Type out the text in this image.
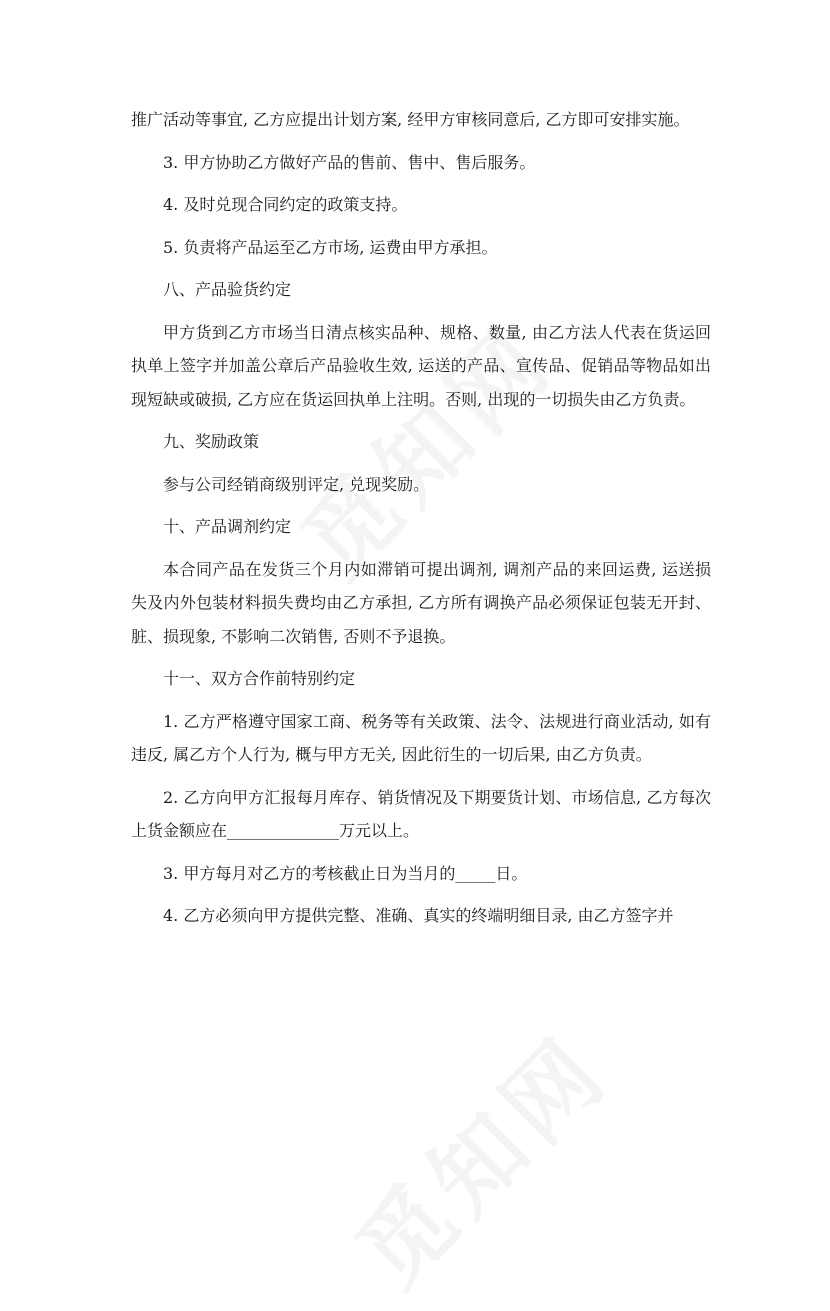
推广活动等事宜, 乙方应提出计划方案, 经甲方审核同意后, 乙方即可安排实施。

3. 甲方协助乙方做好产品的售前、售中、售后服务。

4. 及时兑现合同约定的政策支持。

5. 负责将产品运至乙方市场, 运费由甲方承担。

八、产品验货约定

甲方货到乙方市场当日清点核实品种、规格、数量, 由乙方法人代表在货运回执单上签字并加盖公章后产品验收生效, 运送的产品、宣传品、促销品等物品如出现短缺或破损, 乙方应在货运回执单上注明。否则, 出现的一切损失由乙方负责。

九、奖励政策

参与公司经销商级别评定, 兑现奖励。

十、产品调剂约定

本合同产品在发货三个月内如滞销可提出调剂, 调剂产品的来回运费, 运送损失及内外包装材料损失费均由乙方承担, 乙方所有调换产品必须保证包装无开封、脏、损现象, 不影响二次销售, 否则不予退换。

十一、双方合作前特别约定

1. 乙方严格遵守国家工商、税务等有关政策、法令、法规进行商业活动, 如有违反, 属乙方个人行为, 概与甲方无关, 因此衍生的一切后果, 由乙方负责。

2. 乙方向甲方汇报每月库存、销货情况及下期要货计划、市场信息, 乙方每次上货金额应在______________万元以上。

3. 甲方每月对乙方的考核截止日为当月的_____日。

4. 乙方必须向甲方提供完整、准确、真实的终端明细目录, 由乙方签字并
